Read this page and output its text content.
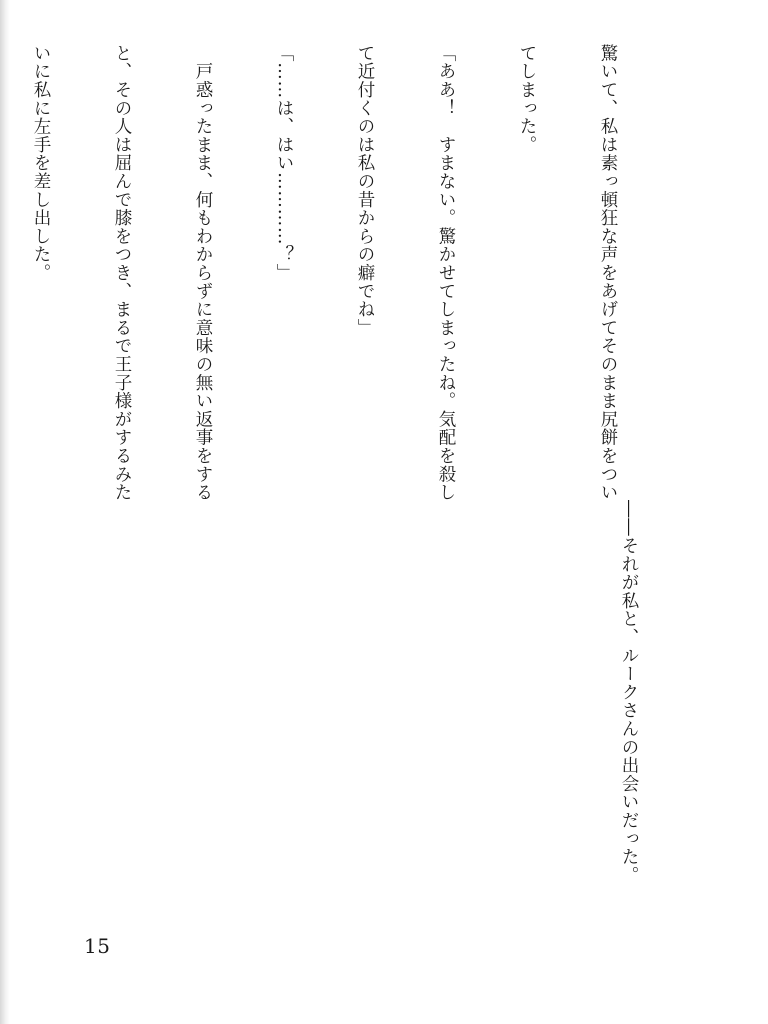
驚いて、私は素っ頓狂な声をあげてそのまま尻餅をつい

てしまった。

「ああ！　すまない。驚かせてしまったね。気配を殺し

て近付くのは私の昔からの癖でね」

「……は、はい…………？」

　戸惑ったまま、何もわからずに意味の無い返事をする

と、その人は屈んで膝をつき、まるで王子様がするみた

いに私に左手を差し出した。

――それが私と、ルークさんの出会いだった。
15
